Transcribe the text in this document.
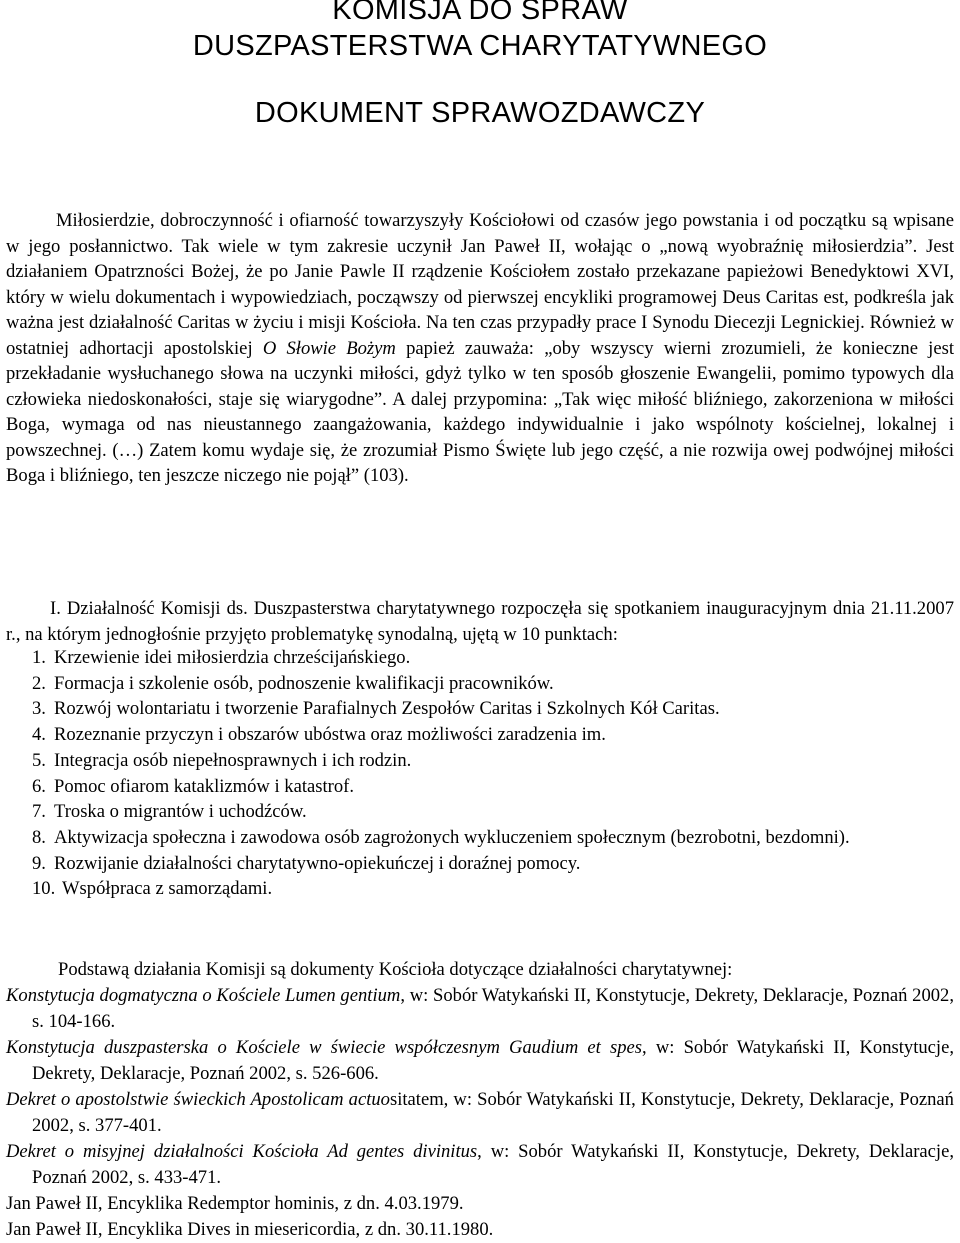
KOMISJA DO SPRAW
DUSZPASTERSTWA CHARYTATYWNEGO
DOKUMENT SPRAWOZDAWCZY

Miłosierdzie, dobroczynność i ofiarność towarzyszyły Kościołowi od czasów jego powstania i od początku są wpisane w jego posłannictwo. Tak wiele w tym zakresie uczynił Jan Paweł II, wołając o „nową wyobraźnię miłosierdzia”. Jest działaniem Opatrzności Bożej, że po Janie Pawle II rządzenie Kościołem zostało przekazane papieżowi Benedyktowi XVI, który w wielu dokumentach i wypowiedziach, począwszy od pierwszej encykliki programowej Deus Caritas est, podkreśla jak ważna jest działalność Caritas w życiu i misji Kościoła. Na ten czas przypadły prace I Synodu Diecezji Legnickiej. Również w ostatniej adhortacji apostolskiej O Słowie Bożym papież zauważa: „oby wszyscy wierni zrozumieli, że konieczne jest przekładanie wysłuchanego słowa na uczynki miłości, gdyż tylko w ten sposób głoszenie Ewangelii, pomimo typowych dla człowieka niedoskonałości, staje się wiarygodne”. A dalej przypomina: „Tak więc miłość bliźniego, zakorzeniona w miłości Boga, wymaga od nas nieustannego zaangażowania, każdego indywidualnie i jako wspólnoty kościelnej, lokalnej i powszechnej. (…) Zatem komu wydaje się, że zrozumiał Pismo Święte lub jego część, a nie rozwija owej podwójnej miłości Boga i bliźniego, ten jeszcze niczego nie pojął” (103).

I. Działalność Komisji ds. Duszpasterstwa charytatywnego rozpoczęła się spotkaniem inauguracyjnym dnia 21.11.2007 r., na którym jednogłośnie przyjęto problematykę synodalną, ujętą w 10 punktach:

1. Krzewienie idei miłosierdzia chrześcijańskiego.
2. Formacja i szkolenie osób, podnoszenie kwalifikacji pracowników.
3. Rozwój wolontariatu i tworzenie Parafialnych Zespołów Caritas i Szkolnych Kół Caritas.
4. Rozeznanie przyczyn i obszarów ubóstwa oraz możliwości zaradzenia im.
5. Integracja osób niepełnosprawnych i ich rodzin.
6. Pomoc ofiarom kataklizmów i katastrof.
7. Troska o migrantów i uchodźców.
8. Aktywizacja społeczna i zawodowa osób zagrożonych wykluczeniem społecznym (bezrobotni, bezdomni).
9. Rozwijanie działalności charytatywno-opiekuńczej i doraźnej pomocy.
10. Współpraca z samorządami.

Podstawą działania Komisji są dokumenty Kościoła dotyczące działalności charytatywnej:

Konstytucja dogmatyczna o Kościele Lumen gentium, w: Sobór Watykański II, Konstytucje, Dekrety, Deklaracje, Poznań 2002, s. 104-166.
Konstytucja duszpasterska o Kościele w świecie współczesnym Gaudium et spes, w: Sobór Watykański II, Konstytucje, Dekrety, Deklaracje, Poznań 2002, s. 526-606.
Dekret o apostolstwie świeckich Apostolicam actuositatem, w: Sobór Watykański II, Konstytucje, Dekrety, Deklaracje, Poznań 2002, s. 377-401.
Dekret o misyjnej działalności Kościoła Ad gentes divinitus, w: Sobór Watykański II, Konstytucje, Dekrety, Deklaracje, Poznań 2002, s. 433-471.
Jan Paweł II, Encyklika Redemptor hominis, z dn. 4.03.1979.
Jan Paweł II, Encyklika Dives in miesericordia, z dn. 30.11.1980.
